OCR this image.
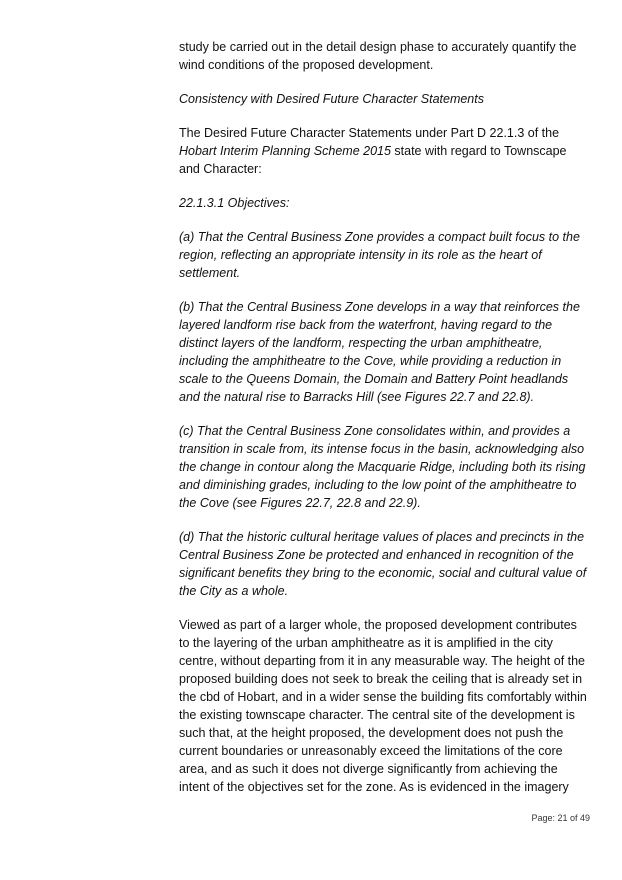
study be carried out in the detail design phase to accurately quantify the wind conditions of the proposed development.

Consistency with Desired Future Character Statements

The Desired Future Character Statements under Part D 22.1.3 of the Hobart Interim Planning Scheme 2015 state with regard to Townscape and Character:

22.1.3.1 Objectives:

(a) That the Central Business Zone provides a compact built focus to the region, reflecting an appropriate intensity in its role as the heart of settlement.

(b) That the Central Business Zone develops in a way that reinforces the layered landform rise back from the waterfront, having regard to the distinct layers of the landform, respecting the urban amphitheatre, including the amphitheatre to the Cove, while providing a reduction in scale to the Queens Domain, the Domain and Battery Point headlands and the natural rise to Barracks Hill (see Figures 22.7 and 22.8).

(c) That the Central Business Zone consolidates within, and provides a transition in scale from, its intense focus in the basin, acknowledging also the change in contour along the Macquarie Ridge, including both its rising and diminishing grades, including to the low point of the amphitheatre to the Cove (see Figures 22.7, 22.8 and 22.9).

(d) That the historic cultural heritage values of places and precincts in the Central Business Zone be protected and enhanced in recognition of the significant benefits they bring to the economic, social and cultural value of the City as a whole.

Viewed as part of a larger whole, the proposed development contributes to the layering of the urban amphitheatre as it is amplified in the city centre, without departing from it in any measurable way. The height of the proposed building does not seek to break the ceiling that is already set in the cbd of Hobart, and in a wider sense the building fits comfortably within the existing townscape character. The central site of the development is such that, at the height proposed, the development does not push the current boundaries or unreasonably exceed the limitations of the core area, and as such it does not diverge significantly from achieving the intent of the objectives set for the zone. As is evidenced in the imagery

Page: 21 of 49
